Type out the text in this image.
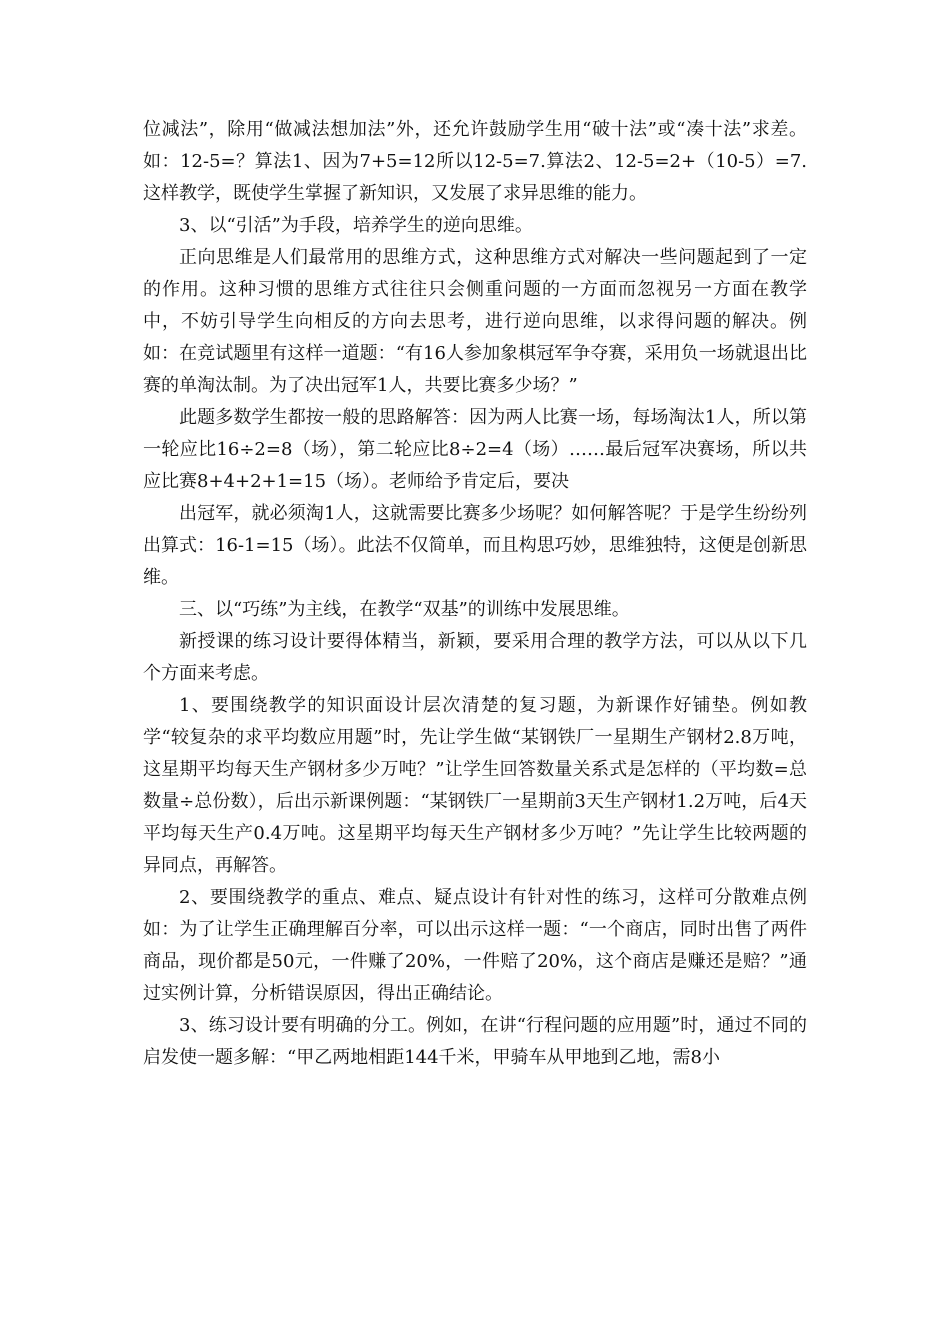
位减法”，除用“做减法想加法”外，还允许鼓励学生用“破十法”或“凑十法”求差。如：12-5=？算法1、因为7+5=12所以12-5=7.算法2、12-5=2+（10-5）=7.这样教学，既使学生掌握了新知识，又发展了求异思维的能力。

3、以“引活”为手段，培养学生的逆向思维。

正向思维是人们最常用的思维方式，这种思维方式对解决一些问题起到了一定的作用。这种习惯的思维方式往往只会侧重问题的一方面而忽视另一方面在教学中，不妨引导学生向相反的方向去思考，进行逆向思维，以求得问题的解决。例如：在竞试题里有这样一道题：“有16人参加象棋冠军争夺赛，采用负一场就退出比赛的单淘汰制。为了决出冠军1人，共要比赛多少场？”

此题多数学生都按一般的思路解答：因为两人比赛一场，每场淘汰1人，所以第一轮应比16÷2=8（场），第二轮应比8÷2=4（场）……最后冠军决赛场，所以共应比赛8+4+2+1=15（场）。老师给予肯定后，要决

出冠军，就必须淘1人，这就需要比赛多少场呢？如何解答呢？于是学生纷纷列出算式：16-1=15（场）。此法不仅简单，而且构思巧妙，思维独特，这便是创新思维。

三、以“巧练”为主线，在教学“双基”的训练中发展思维。

新授课的练习设计要得体精当，新颖，要采用合理的教学方法，可以从以下几个方面来考虑。

1、要围绕教学的知识面设计层次清楚的复习题，为新课作好铺垫。例如教学“较复杂的求平均数应用题”时，先让学生做“某钢铁厂一星期生产钢材2.8万吨，这星期平均每天生产钢材多少万吨？”让学生回答数量关系式是怎样的（平均数=总数量÷总份数），后出示新课例题：“某钢铁厂一星期前3天生产钢材1.2万吨，后4天平均每天生产0.4万吨。这星期平均每天生产钢材多少万吨？”先让学生比较两题的异同点，再解答。

2、要围绕教学的重点、难点、疑点设计有针对性的练习，这样可分散难点例如：为了让学生正确理解百分率，可以出示这样一题：“一个商店，同时出售了两件商品，现价都是50元，一件赚了20%，一件赔了20%，这个商店是赚还是赔？”通过实例计算，分析错误原因，得出正确结论。

3、练习设计要有明确的分工。例如，在讲“行程问题的应用题”时，通过不同的启发使一题多解：“甲乙两地相距144千米，甲骑车从甲地到乙地，需8小
